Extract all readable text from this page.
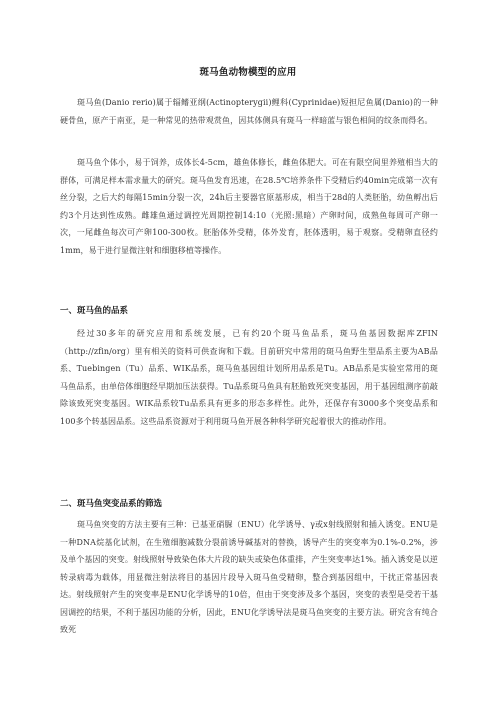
斑马鱼动物模型的应用

斑马鱼(Danio rerio)属于辐鳍亚纲(Actinopterygii)鲤科(Cyprinidae)短担尼鱼属(Danio)的一种硬骨鱼，原产于南亚，是一种常见的热带观赏鱼，因其体侧具有斑马一样暗蓝与银色相间的纹条而得名。

斑马鱼个体小，易于饲养，成体长4-5cm，雄鱼体修长，雌鱼体肥大。可在有限空间里养殖相当大的群体，可满足样本需求量大的研究。斑马鱼发育迅速，在28.5℃培养条件下受精后约40min完成第一次有丝分裂，之后大约每隔15min分裂一次，24h后主要器官原基形成，相当于28d的人类胚胎，幼鱼孵出后约3个月达到性成熟。雌雄鱼通过调控光周期控制14:10（光照:黑暗）产卵时间，成熟鱼每周可产卵一次，一尾雌鱼每次可产卵100-300枚。胚胎体外受精，体外发育，胚体透明，易于观察。受精卵直径约1mm，易于进行显微注射和细胞移植等操作。

一、斑马鱼的品系

经过30多年的研究应用和系统发展，已有约20个斑马鱼品系，斑马鱼基因数据库ZFIN（http://zfin/org）里有相关的资料可供查询和下载。目前研究中常用的斑马鱼野生型品系主要为AB品系、Tuebingen（Tu）品系、WIK品系，斑马鱼基因组计划所用品系是Tu。AB品系是实验室常用的斑马鱼品系，由单倍体细胞经早期加压法获得。Tu品系斑马鱼具有胚胎致死突变基因，用于基因组测序前敲除该致死突变基因。WIK品系较Tu品系具有更多的形态多样性。此外，还保存有3000多个突变品系和100多个转基因品系。这些品系资源对于利用斑马鱼开展各种科学研究起着很大的推动作用。

二、斑马鱼突变品系的筛选

斑马鱼突变的方法主要有三种：已基亚硝脲（ENU）化学诱导、γ或x射线照射和插入诱变。ENU是一种DNA烷基化试剂，在生殖细胞减数分裂前诱导碱基对的替换，诱导产生的突变率为0.1%-0.2%，涉及单个基因的突变。射线照射导致染色体大片段的缺失或染色体重排，产生突变率达1%。插入诱变是以逆转录病毒为载体，用显微注射法将目的基因片段导入斑马鱼受精卵，整合到基因组中，干扰正常基因表达。射线照射产生的突变率是ENU化学诱导的10倍，但由于突变涉及多个基因，突变的表型是受若干基因调控的结果，不利于基因功能的分析，因此，ENU化学诱导法是斑马鱼突变的主要方法。研究含有纯合致死
